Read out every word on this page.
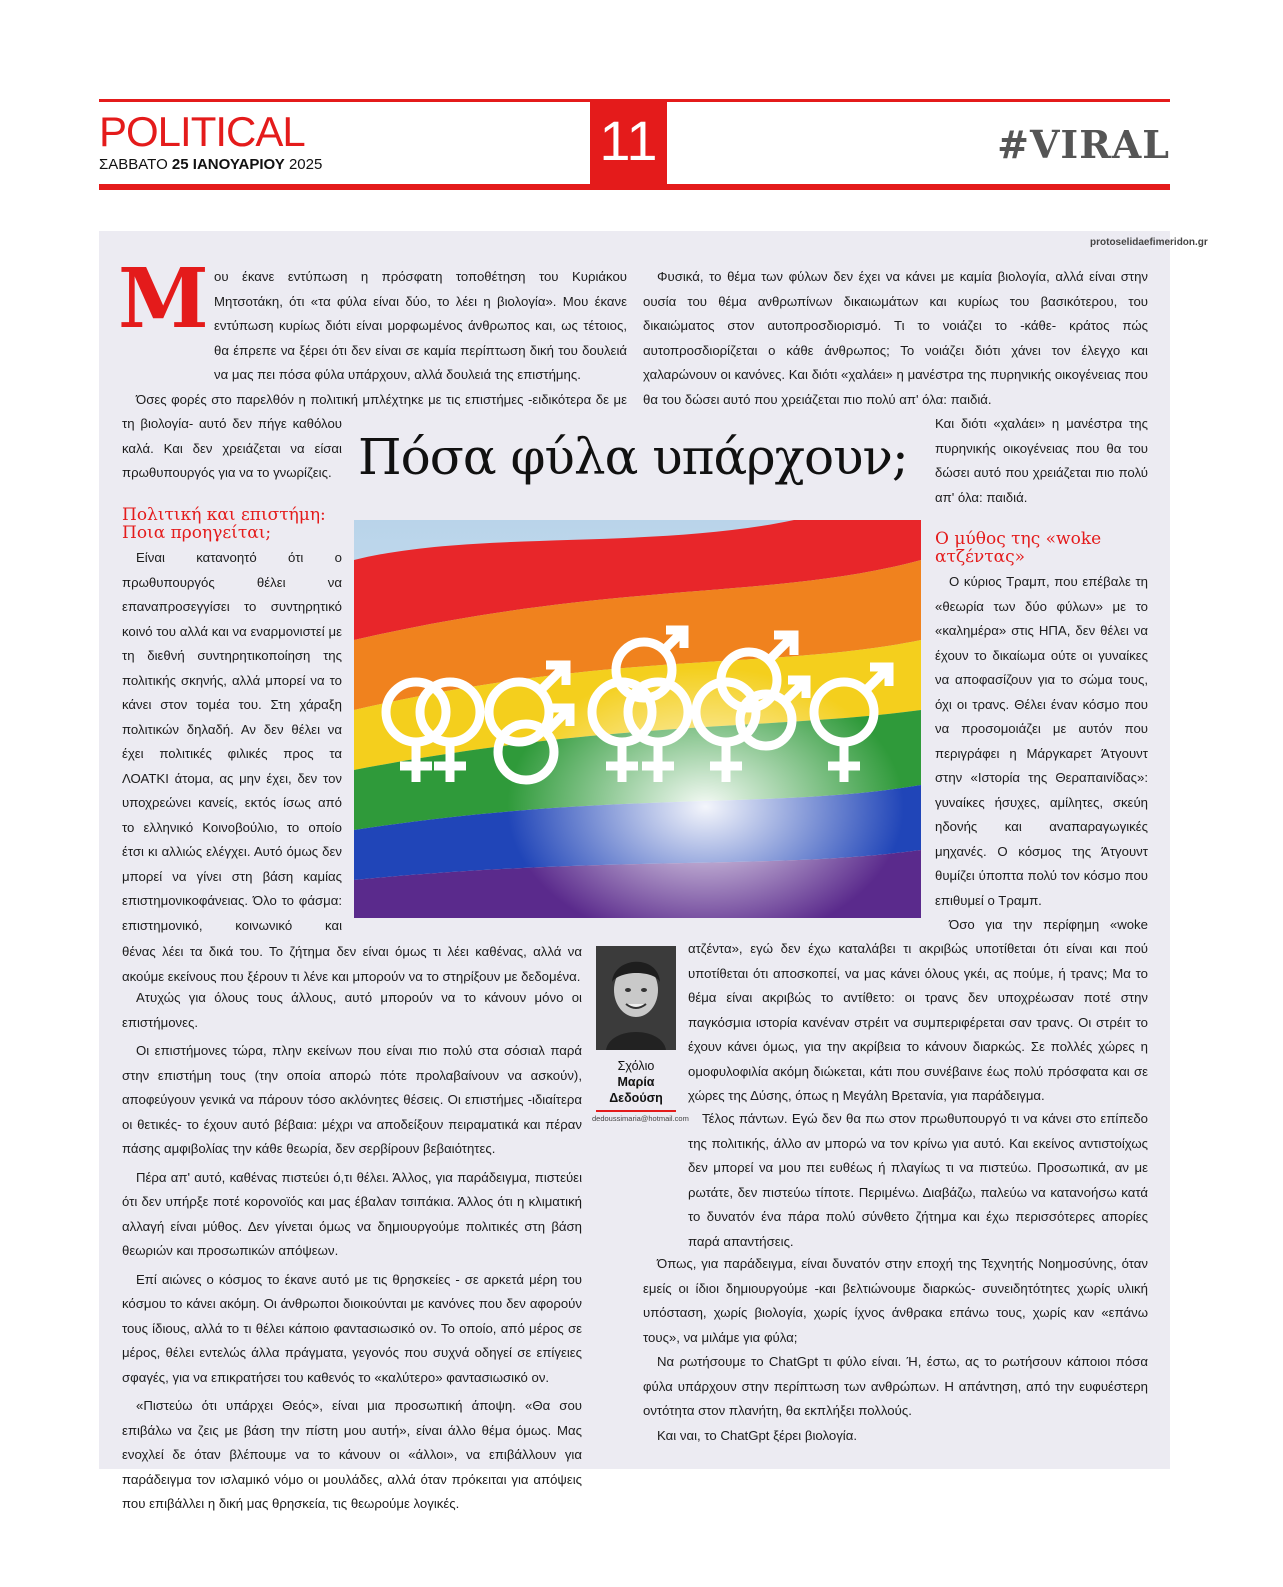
POLITICAL
ΣΑΒΒΑΤΟ 25 ΙΑΝΟΥΑΡΙΟΥ 2025	11	#VIRAL
protoselidaefimeridon.gr
Μ ου έκανε εντύπωση η πρόσφατη τοποθέτηση του Κυριάκου Μητσοτάκη, ότι «τα φύλα είναι δύο, το λέει η βιολογία». Μου έκανε εντύπωση κυρίως διότι είναι μορφωμένος άνθρωπος και, ως τέτοιος, θα έπρεπε να ξέρει ότι δεν είναι σε καμία περίπτωση δική του δουλειά να μας πει πόσα φύλα υπάρχουν, αλλά δουλειά της επιστήμης.

Όσες φορές στο παρελθόν η πολιτική μπλέχτηκε με τις επιστήμες -ειδικότερα δε με

τη βιολογία- αυτό δεν πήγε καθόλου καλά. Και δεν χρειάζεται να είσαι πρωθυπουργός για να το γνωρίζεις.

Πολιτική και επιστήμη: Ποια προηγείται;

Είναι κατανοητό ότι ο πρωθυπουργός θέλει να επαναπροσεγγίσει το συντηρητικό κοινό του αλλά και να εναρμονιστεί με τη διεθνή συντηρητικοποίηση της πολιτικής σκηνής, αλλά μπορεί να το κάνει στον τομέα του. Στη χάραξη πολιτικών δηλαδή. Αν δεν θέλει να έχει πολιτικές φιλικές προς τα ΛΟΑΤΚΙ άτομα, ας μην έχει, δεν τον υποχρεώνει κανείς, εκτός ίσως από το ελληνικό Κοινοβούλιο, το οποίο έτσι κι αλλιώς ελέγχει. Αυτό όμως δεν μπορεί να γίνει στη βάση καμίας επιστημονικοφάνειας. Όλο το φάσμα: επιστημονικό, κοινωνικό και

θένας λέει τα δικά του. Το ζήτημα δεν είναι όμως τι λέει καθένας, αλλά να ακούμε εκείνους που ξέρουν τι λένε και μπορούν να το στηρίξουν με δεδομένα.

Ατυχώς για όλους τους άλλους, αυτό μπορούν να το κάνουν μόνο οι επιστήμονες.

Οι επιστήμονες τώρα, πλην εκείνων που είναι πιο πολύ στα σόσιαλ παρά στην επιστήμη τους (την οποία απορώ πότε προλαβαίνουν να ασκούν), αποφεύγουν γενικά να πάρουν τόσο ακλόνητες θέσεις. Οι επιστήμες -ιδιαίτερα οι θετικές- το έχουν αυτό βέβαια: μέχρι να αποδείξουν πειραματικά και πέραν πάσης αμφιβολίας την κάθε θεωρία, δεν σερβίρουν βεβαιότητες.

Πέρα απ' αυτό, καθένας πιστεύει ό,τι θέλει. Άλλος, για παράδειγμα, πιστεύει ότι δεν υπήρξε ποτέ κορονοϊός και μας έβαλαν τσιπάκια. Άλλος ότι η κλιματική αλλαγή είναι μύθος. Δεν γίνεται όμως να δημιουργούμε πολιτικές στη βάση θεωριών και προσωπικών απόψεων.

Επί αιώνες ο κόσμος το έκανε αυτό με τις θρησκείες - σε αρκετά μέρη του κόσμου το κάνει ακόμη. Οι άνθρωποι διοικούνται με κανόνες που δεν αφορούν τους ίδιους, αλλά το τι θέλει κάποιο φαντασιωσικό ον. Το οποίο, από μέρος σε μέρος, θέλει εντελώς άλλα πράγματα, γεγονός που συχνά οδηγεί σε επίγειες σφαγές, για να επικρατήσει του καθενός το «καλύτερο» φαντασιωσικό ον.

«Πιστεύω ότι υπάρχει Θεός», είναι μια προσωπική άποψη. «Θα σου επιβάλω να ζεις με βάση την πίστη μου αυτή», είναι άλλο θέμα όμως. Μας ενοχλεί δε όταν βλέπουμε να το κάνουν οι «άλλοι», να επιβάλλουν για παράδειγμα τον ισλαμικό νόμο οι μουλάδες, αλλά όταν πρόκειται για απόψεις που επιβάλλει η δική μας θρησκεία, τις θεωρούμε λογικές.

Φυσικά, το θέμα των φύλων δεν έχει να κάνει με καμία βιολογία, αλλά είναι στην ουσία του θέμα ανθρωπίνων δικαιωμάτων και κυρίως του βασικότερου, του δικαιώματος στον αυτοπροσδιορισμό. Τι το νοιάζει το -κάθε- κράτος πώς αυτοπροσδιορίζεται ο κάθε άνθρωπος; Το νοιάζει διότι χάνει τον έλεγχο και χαλαρώνουν οι κανόνες. Και διότι «χαλάει» η μανέστρα της πυρηνικής οικογένειας που θα του δώσει αυτό που χρειάζεται πιο πολύ απ' όλα: παιδιά.

Πόσα φύλα υπάρχουν;

Και διότι «χαλάει» η μανέστρα της πυρηνικής οικογένειας που θα του δώσει αυτό που χρειάζεται πιο πολύ απ' όλα: παιδιά.

Ο μύθος της «woke ατζέντας»

Ο κύριος Τραμπ, που επέβαλε τη «θεωρία των δύο φύλων» με το «καλημέρα» στις ΗΠΑ, δεν θέλει να έχουν το δικαίωμα ούτε οι γυναίκες να αποφασίζουν για το σώμα τους, όχι οι τρανς. Θέλει έναν κόσμο που να προσομοιάζει με αυτόν που περιγράφει η Μάργκαρετ Άτγουντ στην «Ιστορία της Θεραπαινίδας»: γυναίκες ήσυχες, αμίλητες, σκεύη ηδονής και αναπαραγωγικές μηχανές. Ο κόσμος της Άτγουντ θυμίζει ύποπτα πολύ τον κόσμο που επιθυμεί ο Τραμπ.

Όσο για την περίφημη «woke

ατζέντα», εγώ δεν έχω καταλάβει τι ακριβώς υποτίθεται ότι είναι και πού υποτίθεται ότι αποσκοπεί, να μας κάνει όλους γκέι, ας πούμε, ή τρανς; Μα το θέμα είναι ακριβώς το αντίθετο: οι τρανς δεν υποχρέωσαν ποτέ στην παγκόσμια ιστορία κανέναν στρέιτ να συμπεριφέρεται σαν τρανς. Οι στρέιτ το έχουν κάνει όμως, για την ακρίβεια το κάνουν διαρκώς. Σε πολλές χώρες η ομοφυλοφιλία ακόμη διώκεται, κάτι που συνέβαινε έως πολύ πρόσφατα και σε χώρες της Δύσης, όπως η Μεγάλη Βρετανία, για παράδειγμα.

Τέλος πάντων. Εγώ δεν θα πω στον πρωθυπουργό τι να κάνει στο επίπεδο της πολιτικής, άλλο αν μπορώ να τον κρίνω για αυτό. Και εκείνος αντιστοίχως δεν μπορεί να μου πει ευθέως ή πλαγίως τι να πιστεύω. Προσωπικά, αν με ρωτάτε, δεν πιστεύω τίποτε. Περιμένω. Διαβάζω, παλεύω να κατανοήσω κατά το δυνατόν ένα πάρα πολύ σύνθετο ζήτημα και έχω περισσότερες απορίες παρά απαντήσεις.

Όπως, για παράδειγμα, είναι δυνατόν στην εποχή της Τεχνητής Νοημοσύνης, όταν εμείς οι ίδιοι δημιουργούμε -και βελτιώνουμε διαρκώς- συνειδητότητες χωρίς υλική υπόσταση, χωρίς βιολογία, χωρίς ίχνος άνθρακα επάνω τους, χωρίς καν «επάνω τους», να μιλάμε για φύλα;

Να ρωτήσουμε το ChatGpt τι φύλο είναι. Ή, έστω, ας το ρωτήσουν κάποιοι πόσα φύλα υπάρχουν στην περίπτωση των ανθρώπων. Η απάντηση, από την ευφυέστερη οντότητα στον πλανήτη, θα εκπλήξει πολλούς.

Και ναι, το ChatGpt ξέρει βιολογία.

Σχόλιο
Μαρία
Δεδούση
dedoussimaria@hotmail.com
